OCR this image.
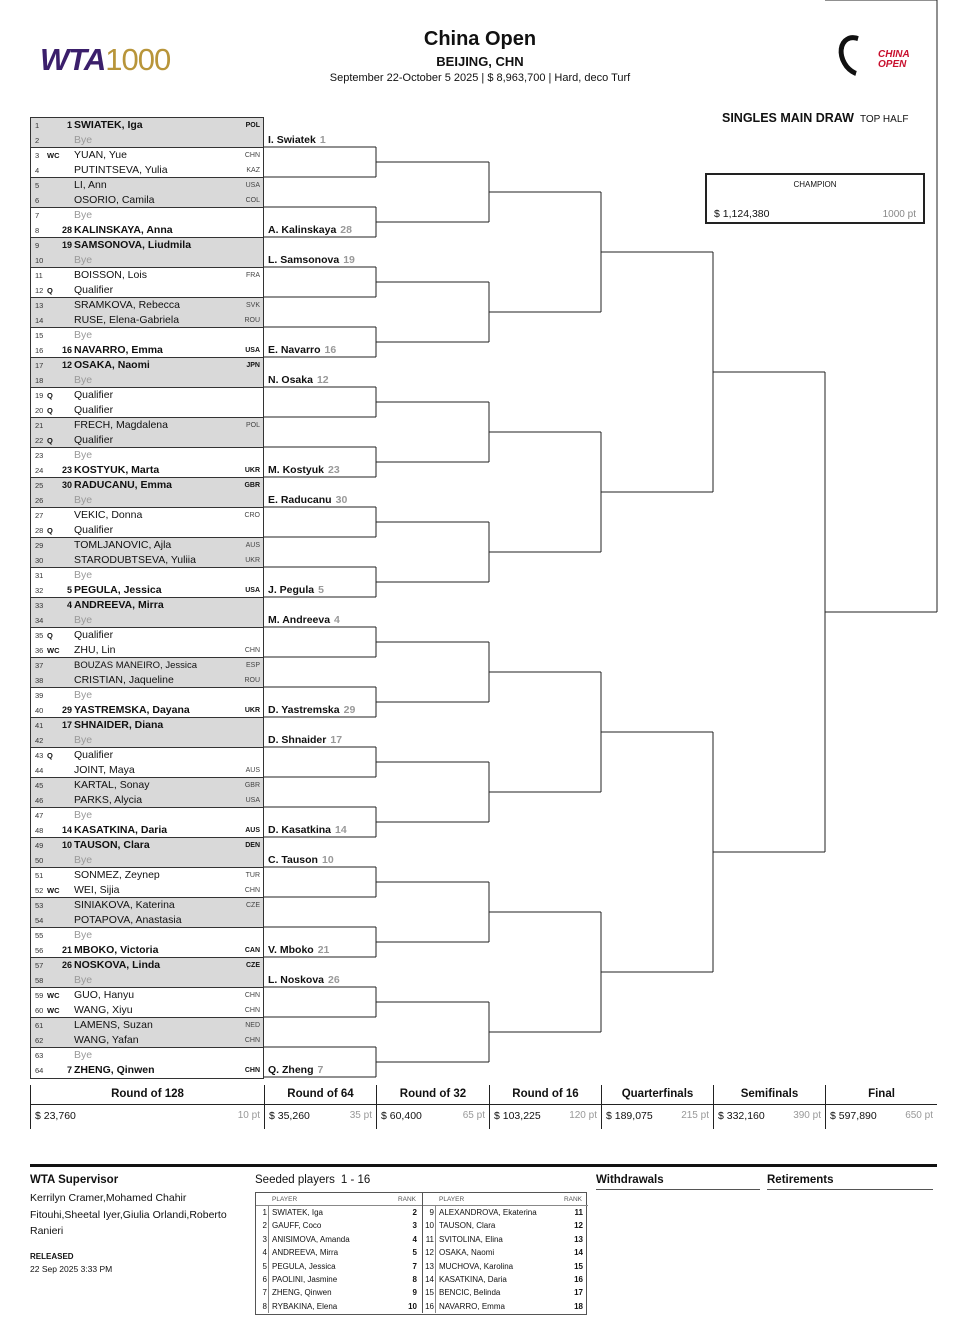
WTA1000
China Open
BEIJING, CHN
September 22-October 5 2025 | $ 8,963,700 | Hard, deco Turf
CHINA
OPEN
SINGLES MAIN DRAW TOP HALF
1	1 SWIATEK, Iga	POL
2	Bye
3	WC YUAN, Yue	CHN
4	PUTINTSEVA, Yulia	KAZ
5	LI, Ann	USA
6	OSORIO, Camila	COL
7	Bye
8	28 KALINSKAYA, Anna
9	19 SAMSONOVA, Liudmila
10	Bye
11	BOISSON, Lois	FRA
12 Q	Qualifier
13	SRAMKOVA, Rebecca	SVK
14	RUSE, Elena-Gabriela	ROU
15	Bye
16	16 NAVARRO, Emma	USA
17	12 OSAKA, Naomi	JPN
18	Bye
19 Q	Qualifier
20 Q	Qualifier
21	FRECH, Magdalena	POL
22 Q	Qualifier
23	Bye
24	23 KOSTYUK, Marta	UKR
25	30 RADUCANU, Emma	GBR
26	Bye
27	VEKIC, Donna	CRO
28 Q	Qualifier
29	TOMLJANOVIC, Ajla	AUS
30	STARODUBTSEVA, Yuliia	UKR
31	Bye
32	5 PEGULA, Jessica	USA
33	4 ANDREEVA, Mirra
34	Bye
35 Q	Qualifier
36 WC ZHU, Lin	CHN
37	BOUZAS MANEIRO, Jessica	ESP
38	CRISTIAN, Jaqueline	ROU
39	Bye
40	29 YASTREMSKA, Dayana	UKR
41	17 SHNAIDER, Diana
42	Bye
43 Q	Qualifier
44	JOINT, Maya	AUS
45	KARTAL, Sonay	GBR
46	PARKS, Alycia	USA
47	Bye
48	14 KASATKINA, Daria	AUS
49	10 TAUSON, Clara	DEN
50	Bye
51	SONMEZ, Zeynep	TUR
52 WC WEI, Sijia	CHN
53	SINIAKOVA, Katerina	CZE
54	POTAPOVA, Anastasia
55	Bye
56	21 MBOKO, Victoria	CAN
57	26 NOSKOVA, Linda	CZE
58	Bye
59 WC GUO, Hanyu	CHN
60 WC WANG, Xiyu	CHN
61	LAMENS, Suzan	NED
62	WANG, Yafan	CHN
63	Bye
64	7 ZHENG, Qinwen	CHN
I. Swiatek 1
A. Kalinskaya 28
L. Samsonova 19
E. Navarro 16
N. Osaka 12
M. Kostyuk 23
E. Raducanu 30
J. Pegula 5
M. Andreeva 4
D. Yastremska 29
D. Shnaider 17
D. Kasatkina 14
C. Tauson 10
V. Mboko 21
L. Noskova 26
Q. Zheng 7
CHAMPION
$ 1,124,380	1000 pt
Round of 128
$ 23,760	10 pt
Round of 64
$ 35,260	35 pt
Round of 32
$ 60,400	65 pt
Round of 16
$ 103,225	120 pt
Quarterfinals
$ 189,075	215 pt
Semifinals
$ 332,160	390 pt
Final
$ 597,890	650 pt
WTA Supervisor
Kerrilyn Cramer,Mohamed Chahir Fitouhi,Sheetal Iyer,Giulia Orlandi,Roberto Ranieri
RELEASED
22 Sep 2025 3:33 PM
Seeded players 1 - 16
PLAYER	RANK
1 SWIATEK, Iga	2
2 GAUFF, Coco	3
3 ANISIMOVA, Amanda	4
4 ANDREEVA, Mirra	5
5 PEGULA, Jessica	7
6 PAOLINI, Jasmine	8
7 ZHENG, Qinwen	9
8 RYBAKINA, Elena	10
PLAYER	RANK
9 ALEXANDROVA, Ekaterina	11
10 TAUSON, Clara	12
11 SVITOLINA, Elina	13
12 OSAKA, Naomi	14
13 MUCHOVA, Karolina	15
14 KASATKINA, Daria	16
15 BENCIC, Belinda	17
16 NAVARRO, Emma	18
Withdrawals	Retirements
